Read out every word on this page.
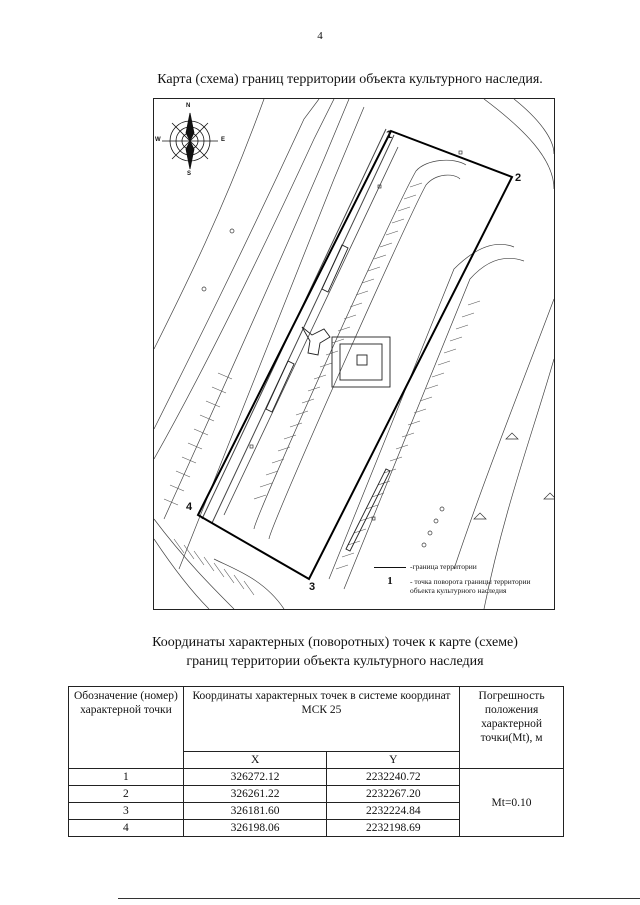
4
Карта (схема) границ территории объекта культурного наследия.
N
S
W	E	1
2
3
4
-граница территории
1	- точка поворота границы территории объекта культурного наследия
Координаты характерных (поворотных) точек к карте (схеме)
границ территории объекта культурного наследия
Обозначение (номер) характерной точки	Координаты характерных точек в системе координат МСК 25		Погрешность положения характерной точки(Mt), м
	X	Y	
1	326272.12	2232240.72	Mt=0.10
2	326261.22	2232267.20	
3	326181.60	2232224.84	
4	326198.06	2232198.69	
